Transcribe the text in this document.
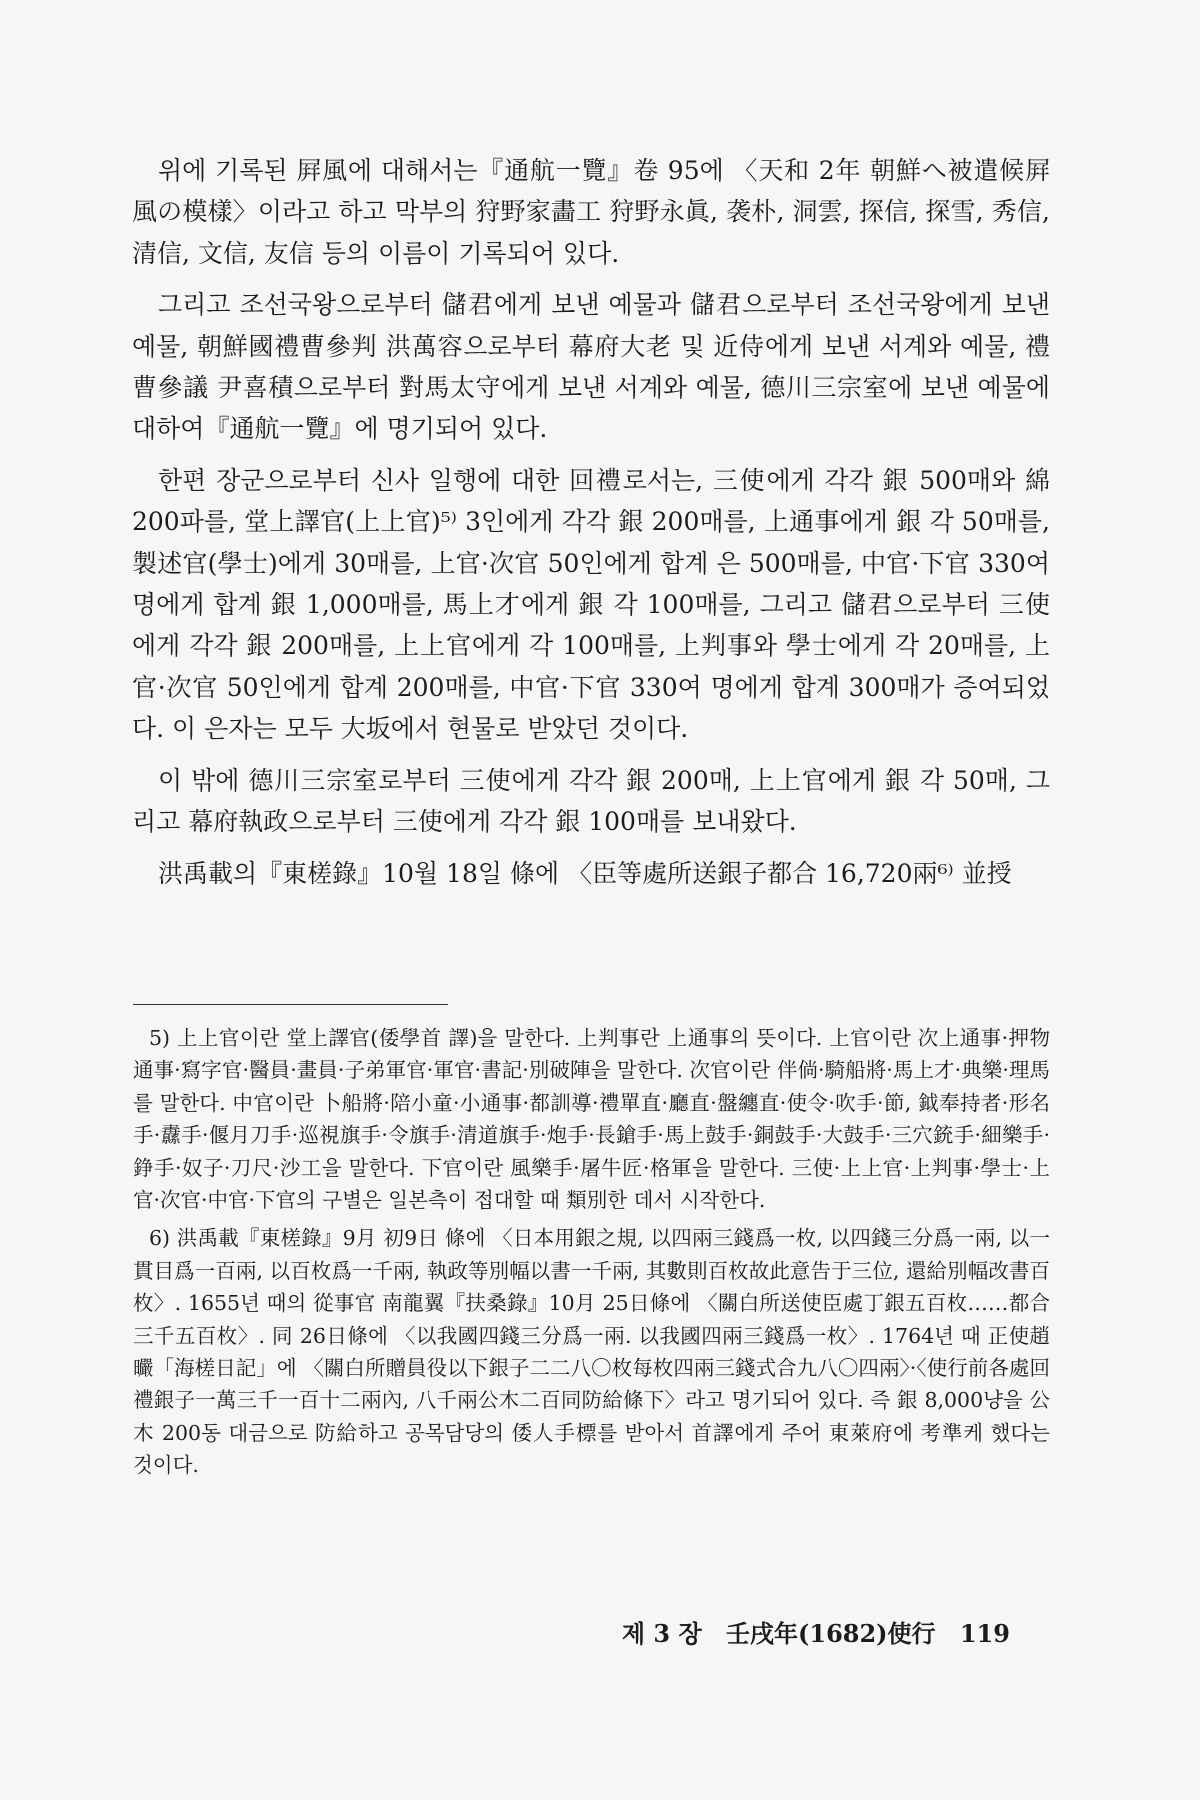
위에 기록된 屛風에 대해서는『通航一覽』卷 95에 〈天和 2年 朝鮮へ被遣候屛風の模樣〉이라고 하고 막부의 狩野家畵工 狩野永眞, 袭朴, 洞雲, 探信, 探雪, 秀信, 清信, 文信, 友信 등의 이름이 기록되어 있다.

그리고 조선국왕으로부터 儲君에게 보낸 예물과 儲君으로부터 조선국왕에게 보낸 예물, 朝鮮國禮曹參判 洪萬容으로부터 幕府大老 및 近侍에게 보낸 서계와 예물, 禮曹參議 尹喜積으로부터 對馬太守에게 보낸 서계와 예물, 德川三宗室에 보낸 예물에 대하여『通航一覽』에 명기되어 있다.

한편 장군으로부터 신사 일행에 대한 回禮로서는, 三使에게 각각 銀 500매와 綿 200파를, 堂上譯官(上上官)⁵⁾ 3인에게 각각 銀 200매를, 上通事에게 銀 각 50매를, 製述官(學士)에게 30매를, 上官·次官 50인에게 합계 은 500매를, 中官·下官 330여 명에게 합계 銀 1,000매를, 馬上才에게 銀 각 100매를, 그리고 儲君으로부터 三使에게 각각 銀 200매를, 上上官에게 각 100매를, 上判事와 學士에게 각 20매를, 上官·次官 50인에게 합계 200매를, 中官·下官 330여 명에게 합계 300매가 증여되었다. 이 은자는 모두 大坂에서 현물로 받았던 것이다.

이 밖에 德川三宗室로부터 三使에게 각각 銀 200매, 上上官에게 銀 각 50매, 그리고 幕府執政으로부터 三使에게 각각 銀 100매를 보내왔다.

洪禹載의『東槎錄』10월 18일 條에 〈臣等處所送銀子都合 16,720兩⁶⁾ 並授

5) 上上官이란 堂上譯官(倭學首 譯)을 말한다. 上判事란 上通事의 뜻이다. 上官이란 次上通事·押物通事·寫字官·醫員·畫員·子弟軍官·軍官·書記·別破陣을 말한다. 次官이란 伴倘·騎船將·馬上才·典樂·理馬를 말한다. 中官이란 卜船將·陪小童·小通事·都訓導·禮單直·廳直·盤纏直·使令·吹手·節, 鉞奉持者·形名手·纛手·偃月刀手·巡視旗手·令旗手·清道旗手·炮手·長鎗手·馬上鼓手·銅鼓手·大鼓手·三穴銃手·細樂手·錚手·奴子·刀尺·沙工을 말한다. 下官이란 風樂手·屠牛匠·格軍을 말한다. 三使·上上官·上判事·學士·上官·次官·中官·下官의 구별은 일본측이 접대할 때 類別한 데서 시작한다.

6) 洪禹載『東槎錄』9月 初9日 條에 〈日本用銀之規, 以四兩三錢爲一枚, 以四錢三分爲一兩, 以一貫目爲一百兩, 以百枚爲一千兩, 執政等別幅以書一千兩, 其數則百枚故此意告于三位, 還給別幅改書百枚〉. 1655년 때의 從事官 南龍翼『扶桑錄』10月 25日條에 〈關白所送使臣處丁銀五百枚……都合三千五百枚〉. 同 26日條에 〈以我國四錢三分爲一兩. 以我國四兩三錢爲一枚〉. 1764년 때 正使趙曮「海槎日記」에 〈關白所贈員役以下銀子二二八〇枚每枚四兩三錢式合九八〇四兩〉·〈使行前各處回禮銀子一萬三千一百十二兩內, 八千兩公木二百同防給條下〉라고 명기되어 있다. 즉 銀 8,000냥을 公木 200동 대금으로 防給하고 공목담당의 倭人手標를 받아서 首譯에게 주어 東萊府에 考準케 했다는 것이다.

제 3 장 壬戌年(1682)使行 119
